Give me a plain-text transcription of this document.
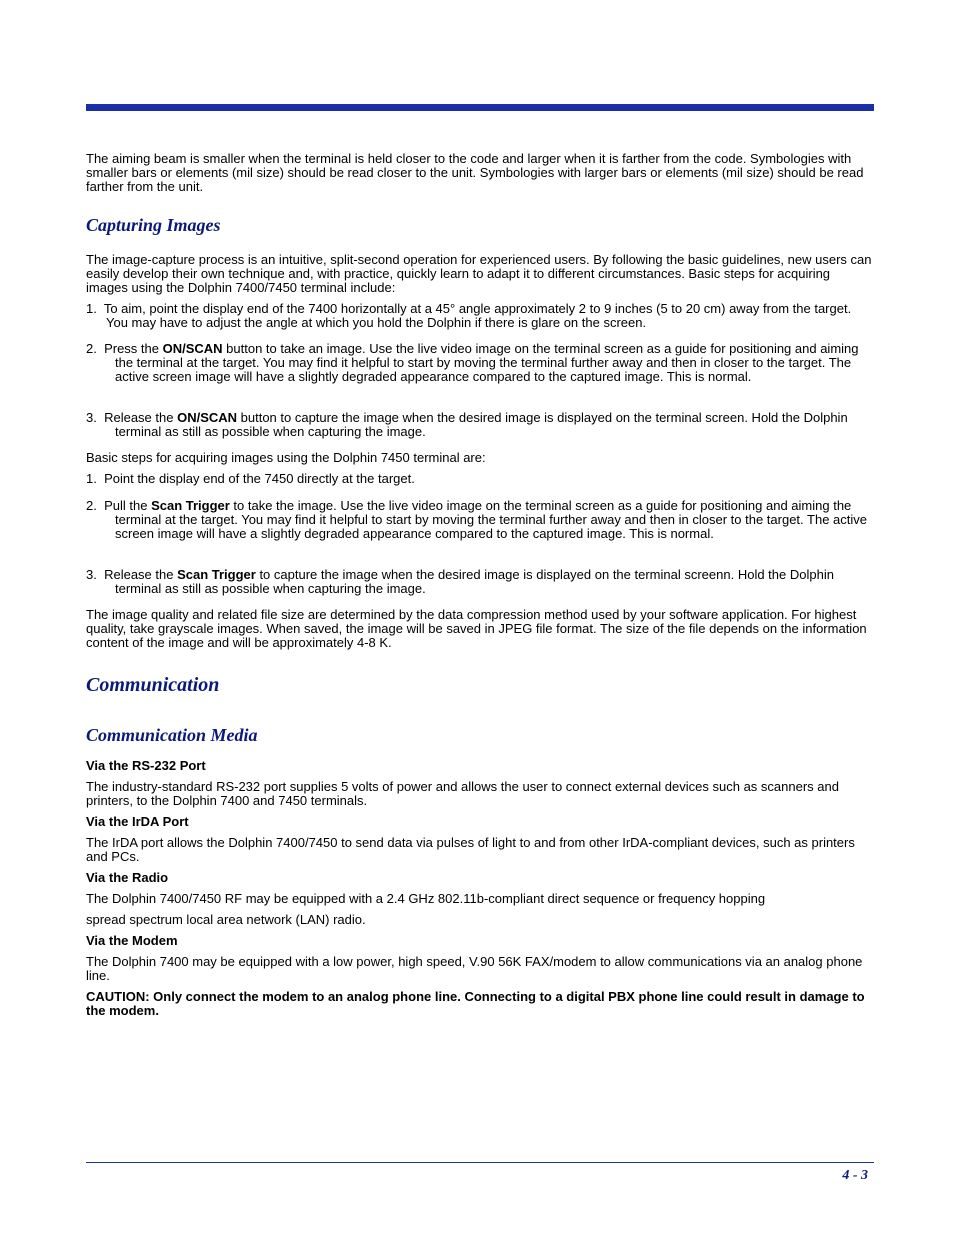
The aiming beam is smaller when the terminal is held closer to the code and larger when it is farther from the code. Symbologies with smaller bars or elements (mil size) should be read closer to the unit. Symbologies with larger bars or elements (mil size) should be read farther from the unit.

Capturing Images

The image-capture process is an intuitive, split-second operation for experienced users. By following the basic guidelines, new users can easily develop their own technique and, with practice, quickly learn to adapt it to different circumstances. Basic steps for acquiring images using the Dolphin 7400/7450 terminal include:

1. To aim, point the display end of the 7400 horizontally at a 45° angle approximately 2 to 9 inches (5 to 20 cm) away from the target. You may have to adjust the angle at which you hold the Dolphin if there is glare on the screen.

2. Press the ON/SCAN button to take an image. Use the live video image on the terminal screen as a guide for positioning and aiming the terminal at the target. You may find it helpful to start by moving the terminal further away and then in closer to the target. The active screen image will have a slightly degraded appearance compared to the captured image. This is normal.

3. Release the ON/SCAN button to capture the image when the desired image is displayed on the terminal screen. Hold the Dolphin terminal as still as possible when capturing the image.

Basic steps for acquiring images using the Dolphin 7450 terminal are:

1. Point the display end of the 7450 directly at the target.

2. Pull the Scan Trigger to take the image. Use the live video image on the terminal screen as a guide for positioning and aiming the terminal at the target. You may find it helpful to start by moving the terminal further away and then in closer to the target. The active screen image will have a slightly degraded appearance compared to the captured image. This is normal.

3. Release the Scan Trigger to capture the image when the desired image is displayed on the terminal screenn. Hold the Dolphin terminal as still as possible when capturing the image.

The image quality and related file size are determined by the data compression method used by your software application. For highest quality, take grayscale images. When saved, the image will be saved in JPEG file format. The size of the file depends on the information content of the image and will be approximately 4-8 K.

Communication
Communication Media
Via the RS-232 Port

The industry-standard RS-232 port supplies 5 volts of power and allows the user to connect external devices such as scanners and printers, to the Dolphin 7400 and 7450 terminals.

Via the IrDA Port

The IrDA port allows the Dolphin 7400/7450 to send data via pulses of light to and from other IrDA-compliant devices, such as printers and PCs.

Via the Radio

The Dolphin 7400/7450 RF may be equipped with a 2.4 GHz 802.11b-compliant direct sequence or frequency hopping

spread spectrum local area network (LAN) radio.

Via the Modem

The Dolphin 7400 may be equipped with a low power, high speed, V.90 56K FAX/modem to allow communications via an analog phone line.

CAUTION: Only connect the modem to an analog phone line. Connecting to a digital PBX phone line could result in damage to the modem.

4 - 3
